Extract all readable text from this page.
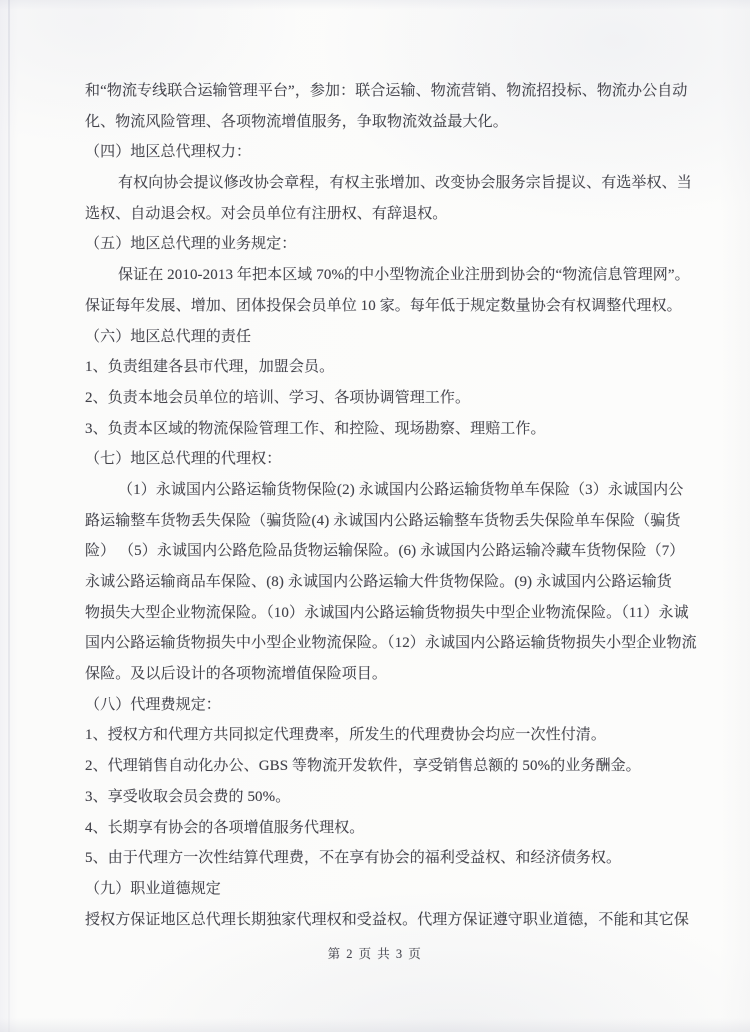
和“物流专线联合运输管理平台”，参加：联合运输、物流营销、物流招投标、物流办公自动
化、物流风险管理、各项物流增值服务，争取物流效益最大化。
（四）地区总代理权力：
有权向协会提议修改协会章程，有权主张增加、改变协会服务宗旨提议、有选举权、当
选权、自动退会权。对会员单位有注册权、有辞退权。
（五）地区总代理的业务规定：
保证在 2010-2013 年把本区域 70%的中小型物流企业注册到协会的“物流信息管理网”。
保证每年发展、增加、团体投保会员单位 10 家。每年低于规定数量协会有权调整代理权。
（六）地区总代理的责任
1、负责组建各县市代理，加盟会员。
2、负责本地会员单位的培训、学习、各项协调管理工作。
3、负责本区域的物流保险管理工作、和控险、现场勘察、理赔工作。
（七）地区总代理的代理权：
（1）永诚国内公路运输货物保险(2) 永诚国内公路运输货物单车保险（3）永诚国内公
路运输整车货物丢失保险（骗货险(4) 永诚国内公路运输整车货物丢失保险单车保险（骗货
险） （5）永诚国内公路危险品货物运输保险。(6) 永诚国内公路运输冷藏车货物保险（7）
永诚公路运输商品车保险、(8) 永诚国内公路运输大件货物保险。(9) 永诚国内公路运输货
物损失大型企业物流保险。（10）永诚国内公路运输货物损失中型企业物流保险。（11）永诚
国内公路运输货物损失中小型企业物流保险。（12）永诚国内公路运输货物损失小型企业物流
保险。及以后设计的各项物流增值保险项目。
（八）代理费规定：
1、授权方和代理方共同拟定代理费率，所发生的代理费协会均应一次性付清。
2、代理销售自动化办公、GBS 等物流开发软件，享受销售总额的 50%的业务酬金。
3、享受收取会员会费的 50%。
4、长期享有协会的各项增值服务代理权。
5、由于代理方一次性结算代理费，不在享有协会的福利受益权、和经济债务权。
（九）职业道德规定
授权方保证地区总代理长期独家代理权和受益权。代理方保证遵守职业道德，不能和其它保
第 2 页 共 3 页
